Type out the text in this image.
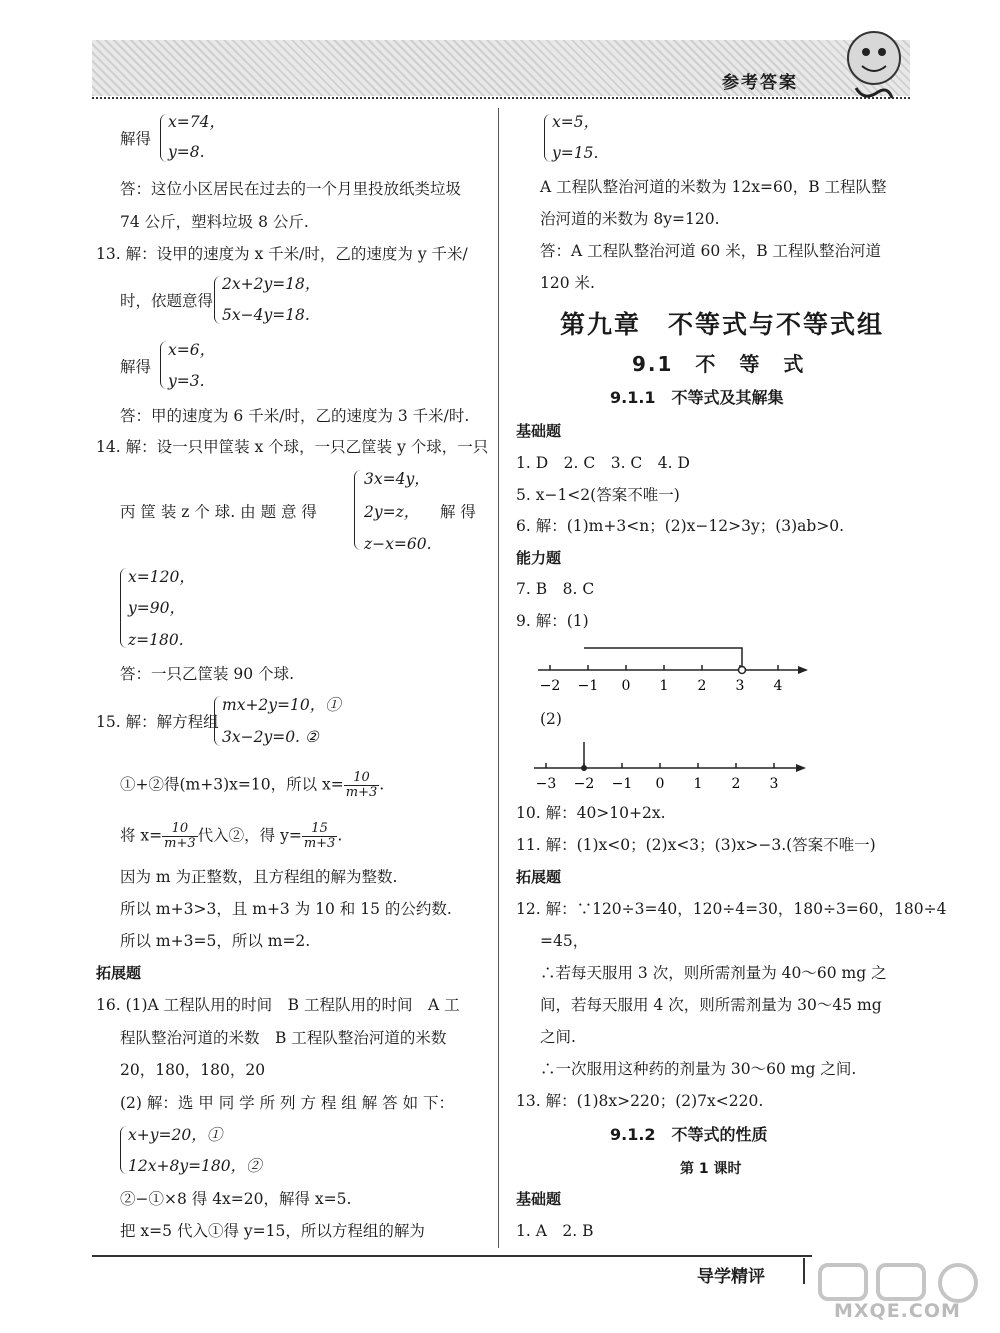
参考答案
解得
x=74，
y=8.
答：这位小区居民在过去的一个月里投放纸类垃圾
74 公斤，塑料垃圾 8 公斤.
13. 解：设甲的速度为 x 千米/时，乙的速度为 y 千米/
时，依题意得
2x+2y=18，
5x−4y=18.
解得
x=6，
y=3.
答：甲的速度为 6 千米/时，乙的速度为 3 千米/时.
14. 解：设一只甲筐装 x 个球，一只乙筐装 y 个球，一只
丙 筐 装 z 个 球. 由 题 意 得
3x=4y，
2y=z，
z−x=60.
解 得
x=120，
y=90，
z=180.
答：一只乙筐装 90 个球.
15. 解：解方程组
mx+2y=10，①
3x−2y=0. ②
①+②得(m+3)x=10，所以 $x= \frac{10}{m+3}$ .
将 $x= \frac{10}{m+3}$ 代入②，得 $y= \frac{15}{m+3}$ .
因为 m 为正整数，且方程组的解为整数.
所以 m+3>3，且 m+3 为 10 和 15 的公约数.
所以 m+3=5，所以 m=2.
拓展题
16. (1)A 工程队用的时间　B 工程队用的时间　A 工
程队整治河道的米数　B 工程队整治河道的米数
20，180，180，20
(2) 解：选 甲 同 学 所 列 方 程 组 解 答 如 下：
x+y=20，①
12x+8y=180，②
②−①×8 得 4x=20，解得 x=5.
把 x=5 代入①得 y=15，所以方程组的解为
x=5，
y=15.
A 工程队整治河道的米数为 12x=60，B 工程队整
治河道的米数为 8y=120.
答：A 工程队整治河道 60 米，B 工程队整治河道
120 米.
第九章　不等式与不等式组
9.1　不　等　式
9.1.1　不等式及其解集
基础题
1. D　2. C　3. C　4. D
5. x−1<2(答案不唯一)
6. 解：(1)m+3<n；(2)x−12>3y；(3)ab>0.
能力题
7. B　8. C
9. 解：(1)
−2 −1 0 1 2 3 4
(2)
−3 −2 −1 0 1 2 3
10. 解：40>10+2x.
11. 解：(1)x<0；(2)x<3；(3)x>−3.(答案不唯一)
拓展题
12. 解：∵120÷3=40，120÷4=30，180÷3=60，180÷4
=45，
∴若每天服用 3 次，则所需剂量为 40～60 mg 之
间，若每天服用 4 次，则所需剂量为 30～45 mg
之间.
∴一次服用这种药的剂量为 30～60 mg 之间.
13. 解：(1)8x>220；(2)7x<220.
9.1.2　不等式的性质
第 1 课时
基础题
1. A　2. B
导学精评
MXQE.COM
